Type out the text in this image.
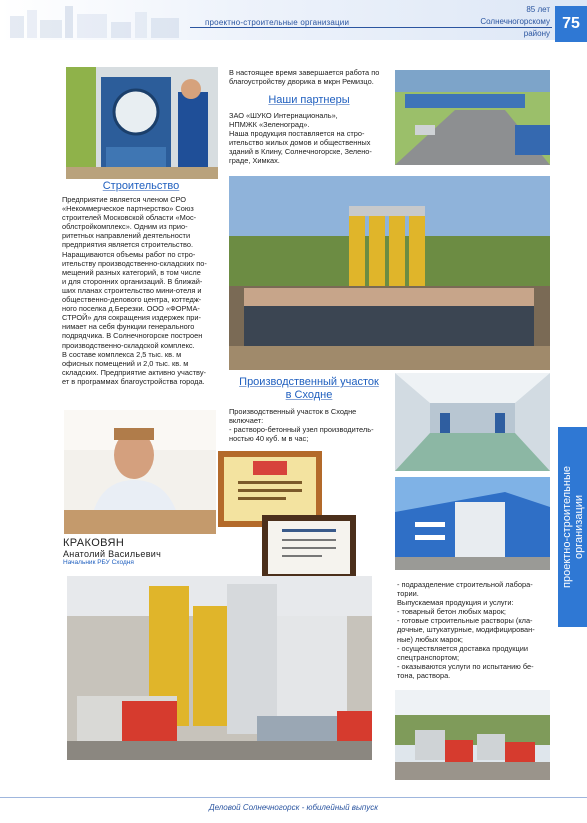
проектно-строительные организации
85 лет
Солнечногорскому району
75
Строительство
Предприятие является членом СРО
«Некоммерческое партнерство» Союз
строителей Московской области «Мос-
облстройкомплекс». Одним из прио-
ритетных направлений деятельности
предприятия является строительство.
Наращиваются объемы работ по стро-
ительству производственно-складских по-
мещений разных категорий, в том числе
и для сторонних организаций. В ближай-
ших планах строительство мини-отеля и
общественно-делового центра, коттедж-
ного поселка д.Березки. ООО «ФОРМА-
СТРОЙ» для сокращения издержек при-
нимает на себя функции генерального
подрядчика. В Солнечногорске построен
производственно-складской комплекс.
В составе комплекса 2,5 тыс. кв. м
офисных помещений и 2,0 тыс. кв. м
складских. Предприятие активно участву-
ет в программах благоустройства города.
КРАКОВЯН
Анатолий Васильевич
Начальник РБУ Сходня
В настоящее время завершается работа по
благоустройству дворика в мкрн Ремизцо.
Наши партнеры
ЗАО «ШУКО Интернациональ»,
НПМЖК «Зеленоград».
Наша продукция поставляется на стро-
ительство жилых домов и общественных
зданий в Клину, Солнечногорске, Зелено-
граде, Химках.
Производственный участок
в Сходне
Производственный участок в Сходне
включает:
- растворо-бетонный узел производитель-
ностью 40 куб. м в час;
- подразделение строительной лабора-
тории.
Выпускаемая продукция и услуги:
- товарный бетон любых марок;
- готовые строительные растворы (кла-
дочные, штукатурные, модифицирован-
ные) любых марок;
- осуществляется доставка продукции
спецтранспортом;
- оказываются услуги по испытанию бе-
тона, раствора.
проектно-строительные организации
Деловой Солнечногорск - юбилейный выпуск
